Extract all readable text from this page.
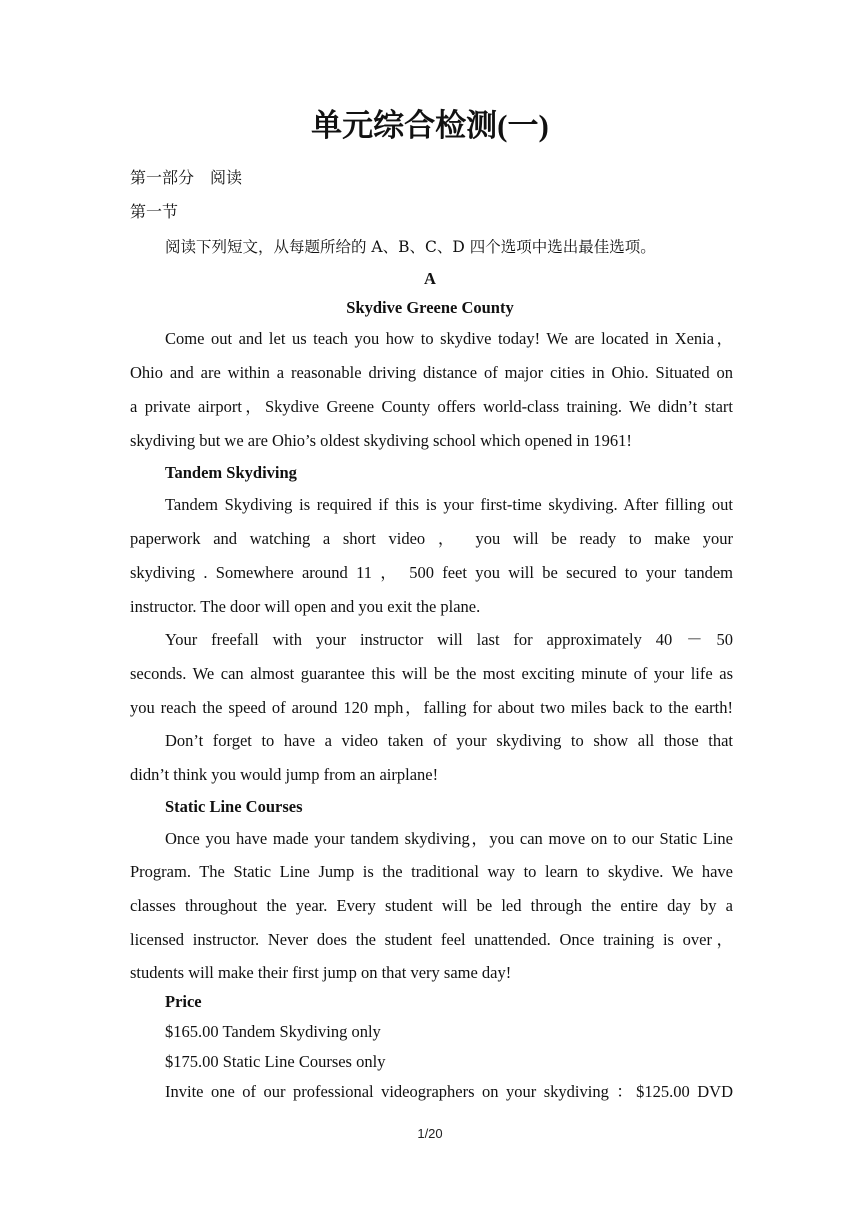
单元综合检测(一)
第一部分　阅读
第一节
阅读下列短文，从每题所给的 A、B、C、D 四个选项中选出最佳选项。
A
Skydive Greene County
Come out and let us teach you how to skydive today! We are located in Xenia，
Ohio and are within a reasonable driving distance of major cities in Ohio. Situated on
a private airport，Skydive Greene County offers world-class training. We didn’t start
skydiving but we are Ohio’s oldest skydiving school which opened in 1961!
Tandem Skydiving
Tandem Skydiving is required if this is your first-time skydiving. After filling out
paperwork and watching a short video ， you will be ready to make your
skydiving . Somewhere around 11 ， 500 feet you will be secured to your tandem
instructor. The door will open and you exit the plane.
Your freefall with your instructor will last for approximately 40 － 50
seconds. We can almost guarantee this will be the most exciting minute of your life as
you reach the speed of around 120 mph，falling for about two miles back to the earth!
Don’t forget to have a video taken of your skydiving to show all those that
didn’t think you would jump from an airplane!
Static Line Courses
Once you have made your tandem skydiving，you can move on to our Static Line
Program. The Static Line Jump is the traditional way to learn to skydive. We have
classes throughout the year. Every student will be led through the entire day by a
licensed instructor. Never does the student feel unattended. Once training is over，
students will make their first jump on that very same day!
Price
$165.00 Tandem Skydiving only
$175.00 Static Line Courses only
Invite one of our professional videographers on your skydiving ：$125.00 DVD
1/20
